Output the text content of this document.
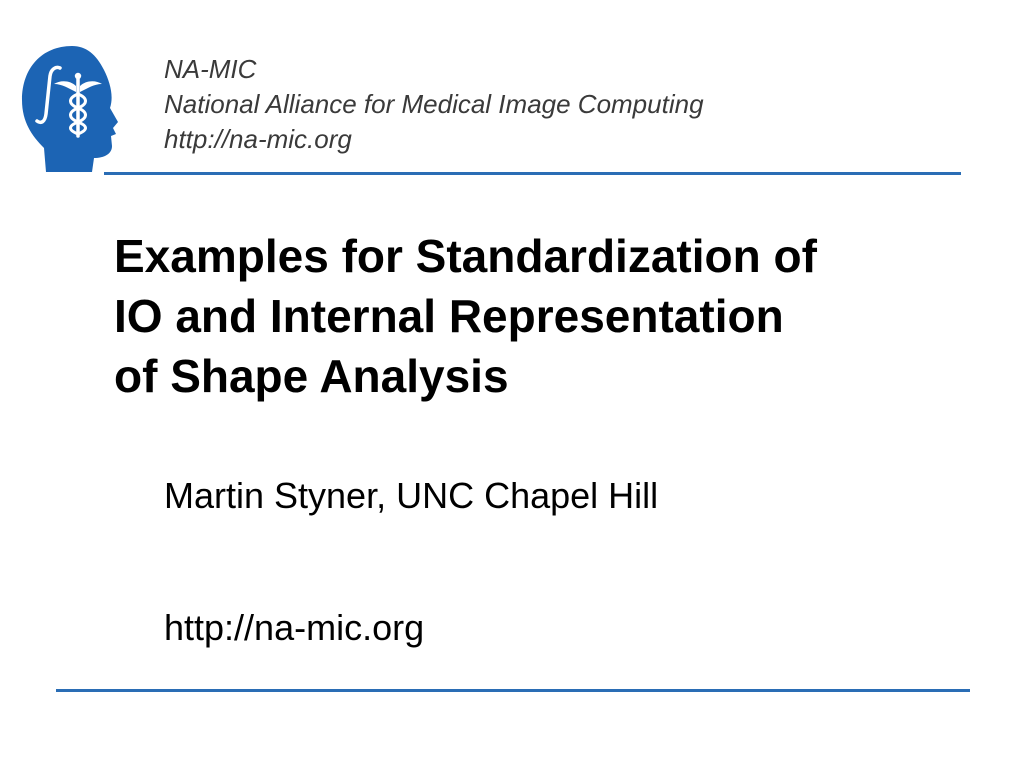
NA-MIC
National Alliance for Medical Image Computing
http://na-mic.org
Examples for Standardization of
IO and Internal Representation
of Shape Analysis
Martin Styner, UNC Chapel Hill
http://na-mic.org
